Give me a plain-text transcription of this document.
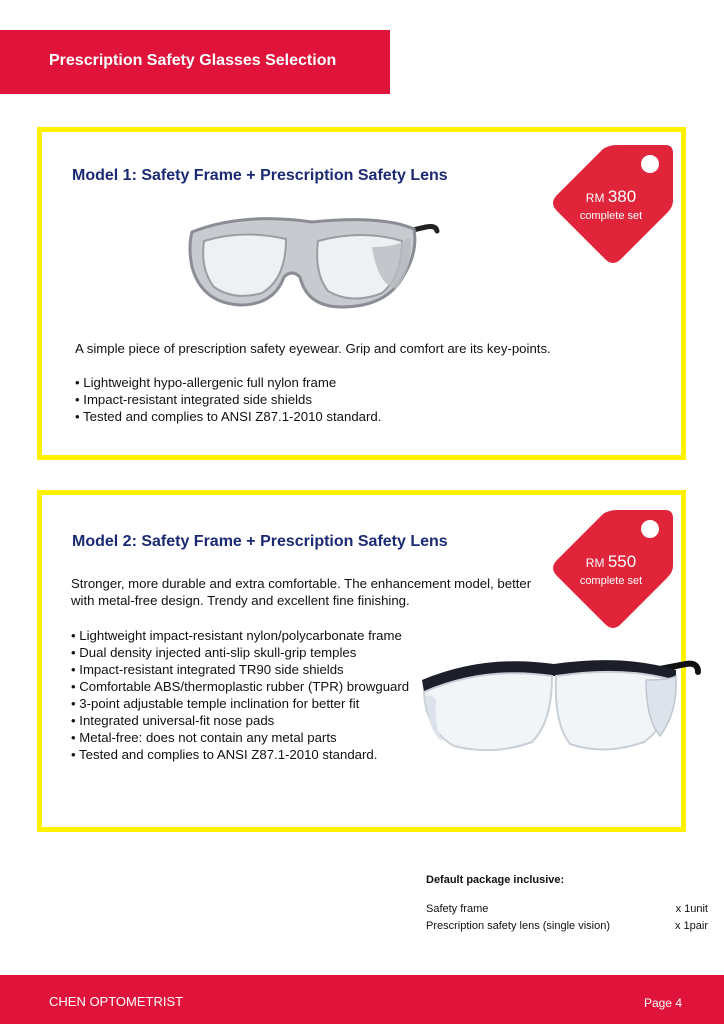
Prescription Safety Glasses Selection
Model 1: Safety Frame + Prescription Safety Lens
RM 380
complete set

A simple piece of prescription safety eyewear. Grip and comfort are its key-points.

• Lightweight hypo-allergenic full nylon frame
• Impact-resistant integrated side shields
• Tested and complies to ANSI Z87.1-2010 standard.
Model 2: Safety Frame + Prescription Safety Lens
RM 550
complete set

Stronger, more durable and extra comfortable. The enhancement model, better with metal-free design. Trendy and excellent fine finishing.

• Lightweight impact-resistant nylon/polycarbonate frame
• Dual density injected anti-slip skull-grip temples
• Impact-resistant integrated TR90 side shields
• Comfortable ABS/thermoplastic rubber (TPR) browguard
• 3-point adjustable temple inclination for better fit
• Integrated universal-fit nose pads
• Metal-free: does not contain any metal parts
• Tested and complies to ANSI Z87.1-2010 standard.
Default package inclusive:
Safety frame	x 1unit
Prescription safety lens (single vision)	x 1pair
CHEN OPTOMETRIST	Page 4
